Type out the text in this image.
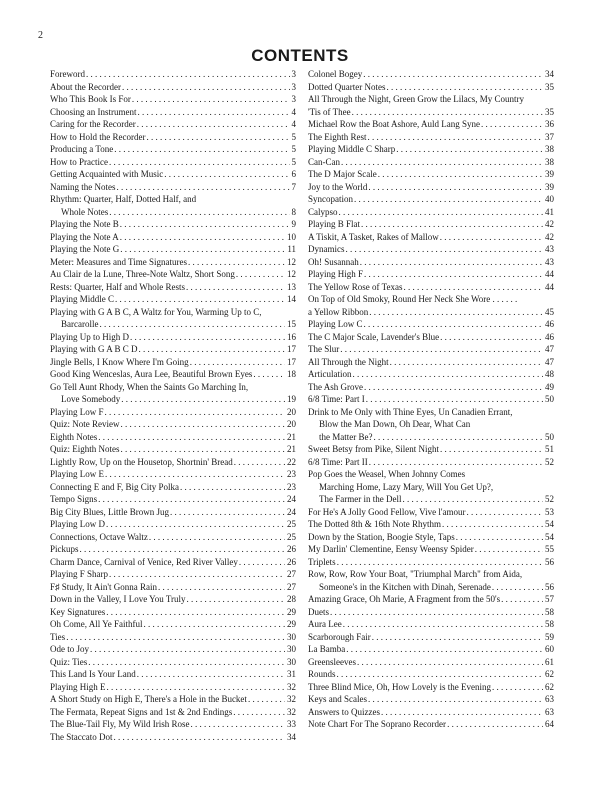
2
CONTENTS
Foreword . . .	3
About the Recorder . . .	3
Who This Book Is For . . .	3
Choosing an Instrument . . .	4
Caring for the Recorder . . .	4
How to Hold the Recorder . . .	5
Producing a Tone . . .	5
How to Practice . . .	5
Getting Acquainted with Music . . .	6
Naming the Notes . . .	7
Rhythm: Quarter, Half, Dotted Half, and
Whole Notes . . .	8
Playing the Note B . . .	9
Playing the Note A . . .	10
Playing the Note G . . .	11
Meter: Measures and Time Signatures . . .	12
Au Clair de la Lune, Three-Note Waltz, Short Song . . .	12
Rests: Quarter, Half and Whole Rests . . .	13
Playing Middle C . . .	14
Playing with G A B C, A Waltz for You, Warming Up to C,
Barcarolle . . .	15
Playing Up to High D . . .	16
Playing with G A B C D . . .	17
Jingle Bells, I Know Where I'm Going . . .	17
Good King Wenceslas, Aura Lee, Beautiful Brown Eyes . . .	18
Go Tell Aunt Rhody, When the Saints Go Marching In,
Love Somebody . . .	19
Playing Low F . . .	20
Quiz: Note Review . . .	20
Eighth Notes . . .	21
Quiz: Eighth Notes . . .	21
Lightly Row, Up on the Housetop, Shortnin' Bread . . .	22
Playing Low E . . .	23
Connecting E and F, Big City Polka . . .	23
Tempo Signs . . .	24
Big City Blues, Little Brown Jug . . .	24
Playing Low D . . .	25
Connections, Octave Waltz . . .	25
Pickups . . .	26
Charm Dance, Carnival of Venice, Red River Valley . . .	26
Playing F Sharp . . .	27
F♯ Study, It Ain't Gonna Rain . . .	27
Down in the Valley, I Love You Truly . . .	28
Key Signatures . . .	29
Oh Come, All Ye Faithful . . .	29
Ties . . .	30
Ode to Joy . . .	30
Quiz: Ties . . .	30
This Land Is Your Land . . .	31
Playing High E . . .	32
A Short Study on High E, There's a Hole in the Bucket . . .	32
The Fermata, Repeat Signs and 1st & 2nd Endings . . .	32
The Blue-Tail Fly, My Wild Irish Rose . . .	33
The Staccato Dot . . .	34
Colonel Bogey . . .	34
Dotted Quarter Notes . . .	35
All Through the Night, Green Grow the Lilacs, My Country
'Tis of Thee . . .	35
Michael Row the Boat Ashore, Auld Lang Syne . . .	36
The Eighth Rest . . .	37
Playing Middle C Sharp . . .	38
Can-Can . . .	38
The D Major Scale . . .	39
Joy to the World . . .	39
Syncopation . . .	40
Calypso . . .	41
Playing B Flat . . .	42
A Tiskit, A Tasket, Rakes of Mallow . . .	42
Dynamics . . .	43
Oh! Susannah . . .	43
Playing High F . . .	44
The Yellow Rose of Texas . . .	44
On Top of Old Smoky, Round Her Neck She Wore . . . . . .
a Yellow Ribbon . . .	45
Playing Low C . . .	46
The C Major Scale, Lavender's Blue . . .	46
The Slur . . .	47
All Through the Night . . .	47
Articulation . . .	48
The Ash Grove . . .	49
6/8 Time: Part I . . .	50
Drink to Me Only with Thine Eyes, Un Canadien Errant,
Blow the Man Down, Oh Dear, What Can
the Matter Be? . . .	50
Sweet Betsy from Pike, Silent Night . . .	51
6/8 Time: Part II . . .	52
Pop Goes the Weasel, When Johnny Comes
Marching Home, Lazy Mary, Will You Get Up?,
The Farmer in the Dell . . .	52
For He's A Jolly Good Fellow, Vive l'amour . . .	53
The Dotted 8th & 16th Note Rhythm . . .	54
Down by the Station, Boogie Style, Taps . . .	54
My Darlin' Clementine, Eensy Weensy Spider . . .	55
Triplets . . .	56
Row, Row, Row Your Boat, "Triumphal March" from Aida,
Someone's in the Kitchen with Dinah, Serenade . . .	56
Amazing Grace, Oh Marie, A Fragment from the 50's . . .	57
Duets . . .	58
Aura Lee . . .	58
Scarborough Fair . . .	59
La Bamba . . .	60
Greensleeves . . .	61
Rounds . . .	62
Three Blind Mice, Oh, How Lovely is the Evening . . .	62
Keys and Scales . . .	63
Answers to Quizzes . . .	63
Note Chart For The Soprano Recorder . . .	64
